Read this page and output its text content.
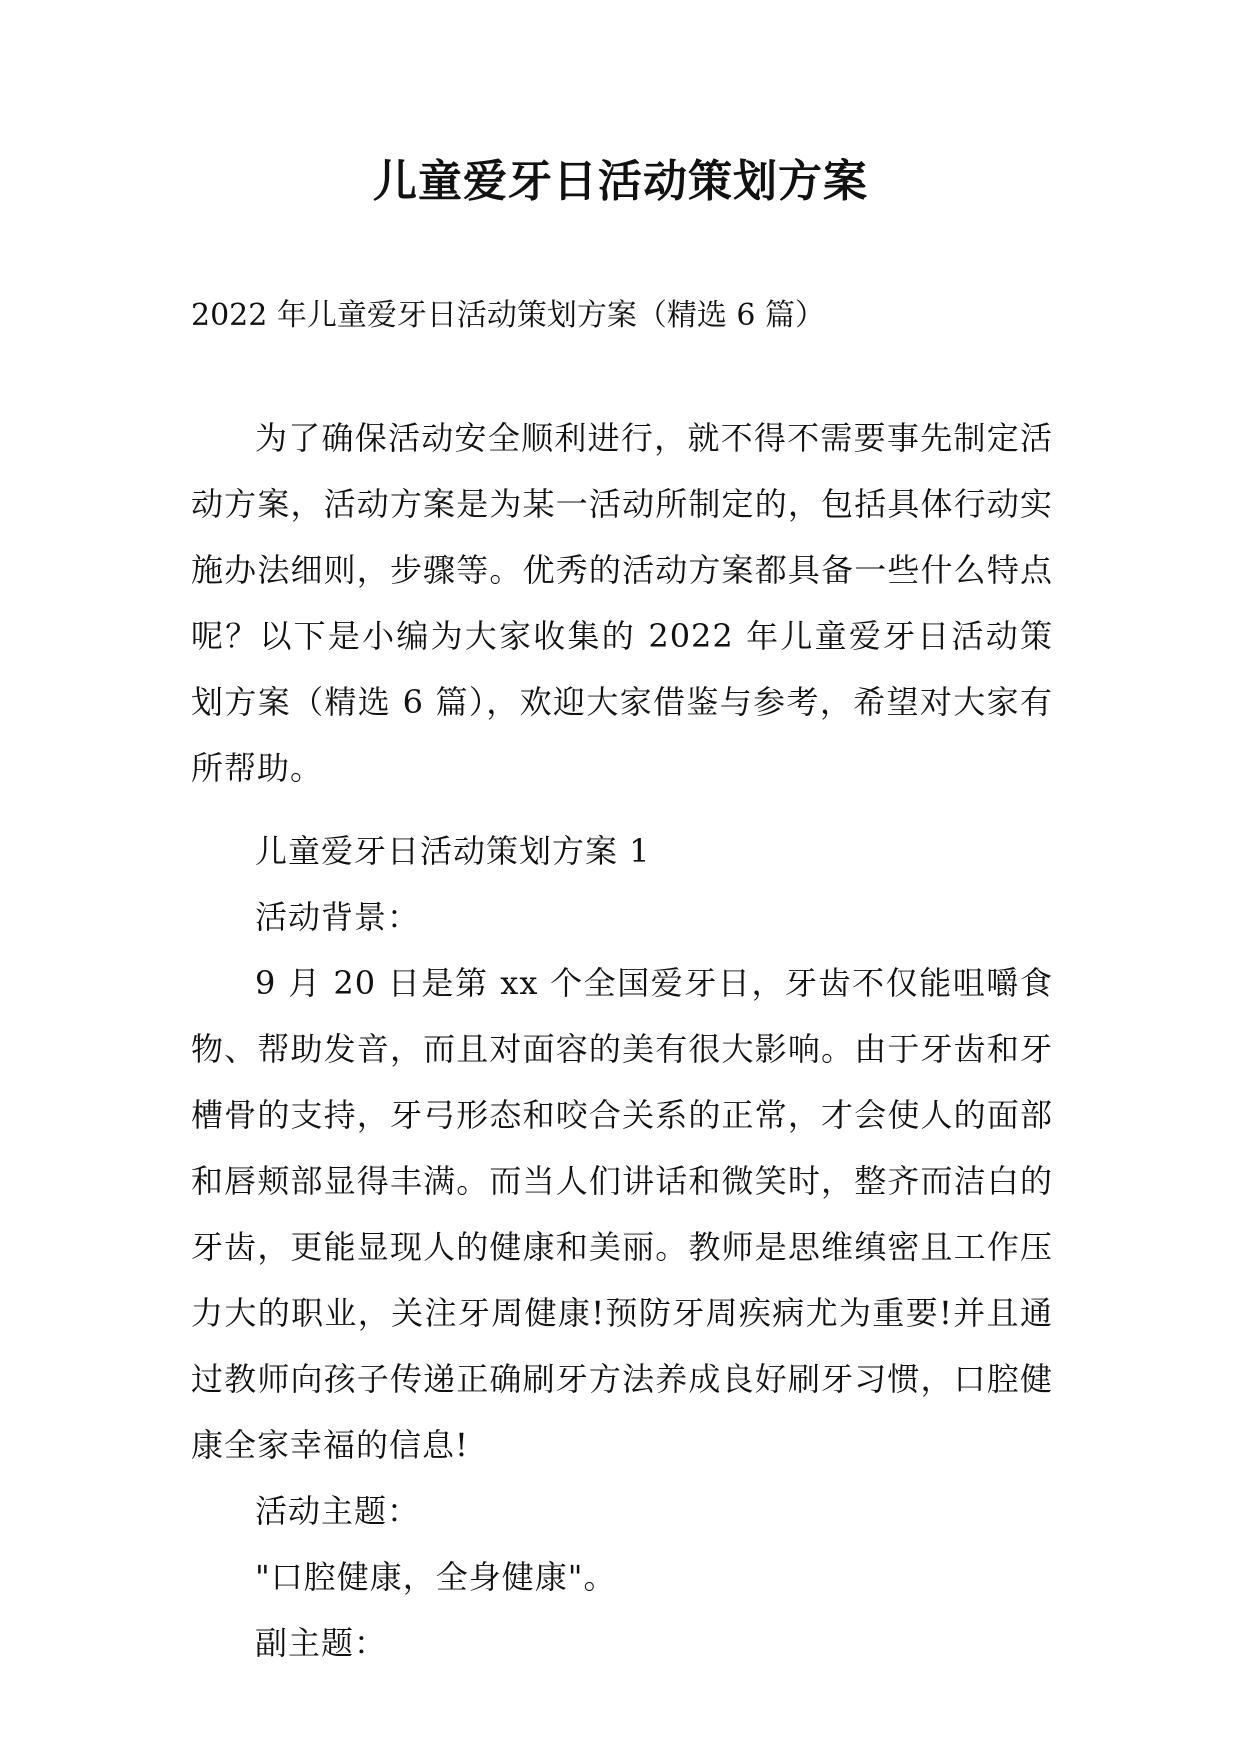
儿童爱牙日活动策划方案
2022 年儿童爱牙日活动策划方案（精选 6 篇）
为了确保活动安全顺利进行，就不得不需要事先制定活动方案，活动方案是为某一活动所制定的，包括具体行动实施办法细则，步骤等。优秀的活动方案都具备一些什么特点呢？以下是小编为大家收集的 2022 年儿童爱牙日活动策划方案（精选 6 篇），欢迎大家借鉴与参考，希望对大家有所帮助。

儿童爱牙日活动策划方案 1

活动背景：

9 月 20 日是第 xx 个全国爱牙日，牙齿不仅能咀嚼食物、帮助发音，而且对面容的美有很大影响。由于牙齿和牙槽骨的支持，牙弓形态和咬合关系的正常，才会使人的面部和唇颊部显得丰满。而当人们讲话和微笑时，整齐而洁白的牙齿，更能显现人的健康和美丽。教师是思维缜密且工作压力大的职业，关注牙周健康!预防牙周疾病尤为重要!并且通过教师向孩子传递正确刷牙方法养成良好刷牙习惯，口腔健康全家幸福的信息!

活动主题：

"口腔健康，全身健康"。

副主题：
